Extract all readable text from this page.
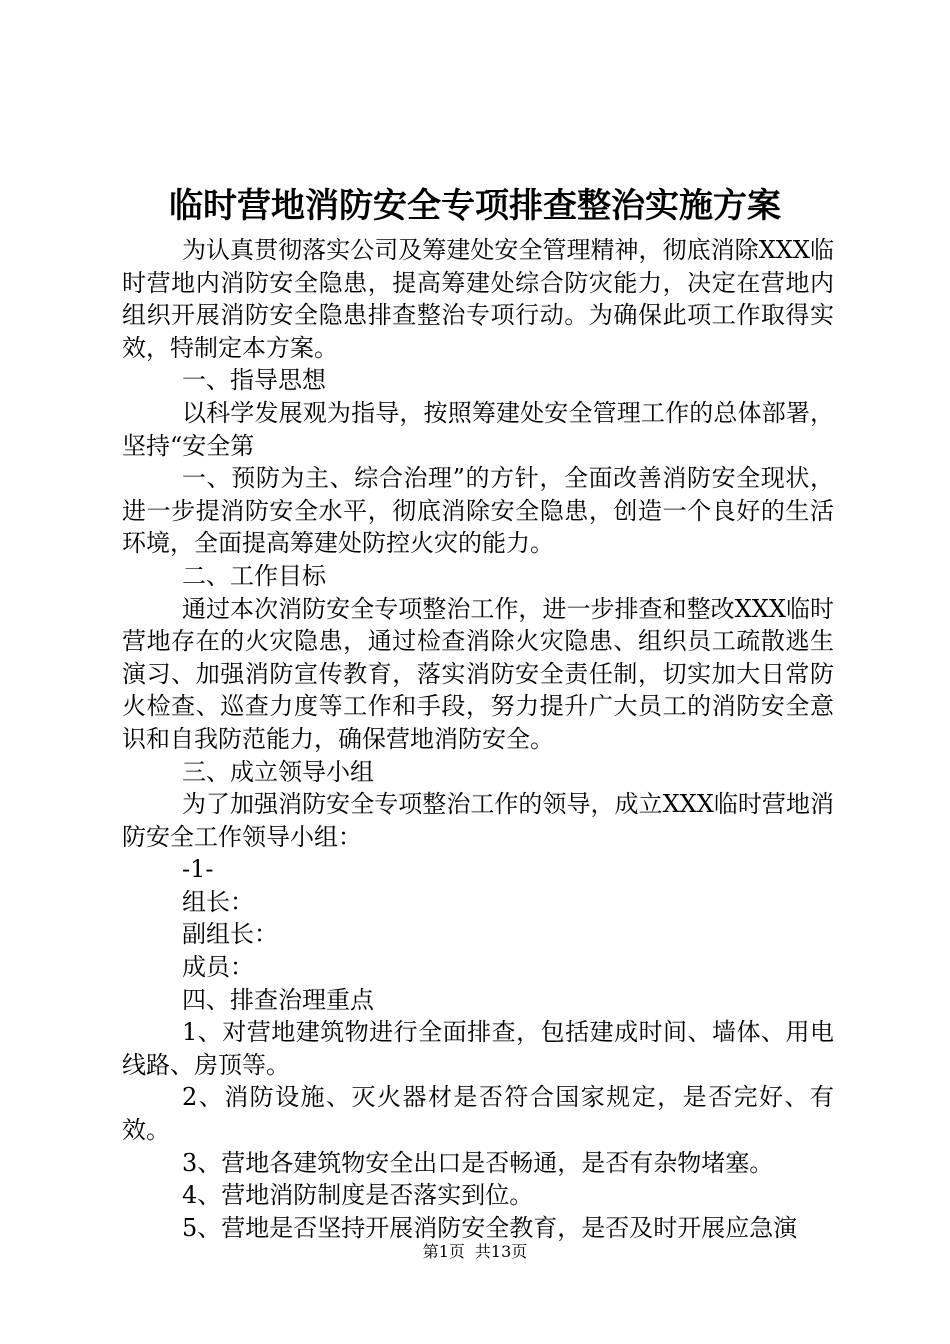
临时营地消防安全专项排查整治实施方案

为认真贯彻落实公司及筹建处安全管理精神，彻底消除XXX临时营地内消防安全隐患，提高筹建处综合防灾能力，决定在营地内组织开展消防安全隐患排查整治专项行动。为确保此项工作取得实效，特制定本方案。

一、指导思想

以科学发展观为指导，按照筹建处安全管理工作的总体部署，坚持“安全第

一、预防为主、综合治理”的方针，全面改善消防安全现状，进一步提消防安全水平，彻底消除安全隐患，创造一个良好的生活环境，全面提高筹建处防控火灾的能力。

二、工作目标

通过本次消防安全专项整治工作，进一步排查和整改XXX临时营地存在的火灾隐患，通过检查消除火灾隐患、组织员工疏散逃生演习、加强消防宣传教育，落实消防安全责任制，切实加大日常防火检查、巡查力度等工作和手段，努力提升广大员工的消防安全意识和自我防范能力，确保营地消防安全。

三、成立领导小组

为了加强消防安全专项整治工作的领导，成立XXX临时营地消防安全工作领导小组：

-1-

组长：

副组长：

成员：

四、排查治理重点

1、对营地建筑物进行全面排查，包括建成时间、墙体、用电线路、房顶等。

2、消防设施、灭火器材是否符合国家规定，是否完好、有效。

3、营地各建筑物安全出口是否畅通，是否有杂物堵塞。

4、营地消防制度是否落实到位。

5、营地是否坚持开展消防安全教育，是否及时开展应急演

第1页 共13页
